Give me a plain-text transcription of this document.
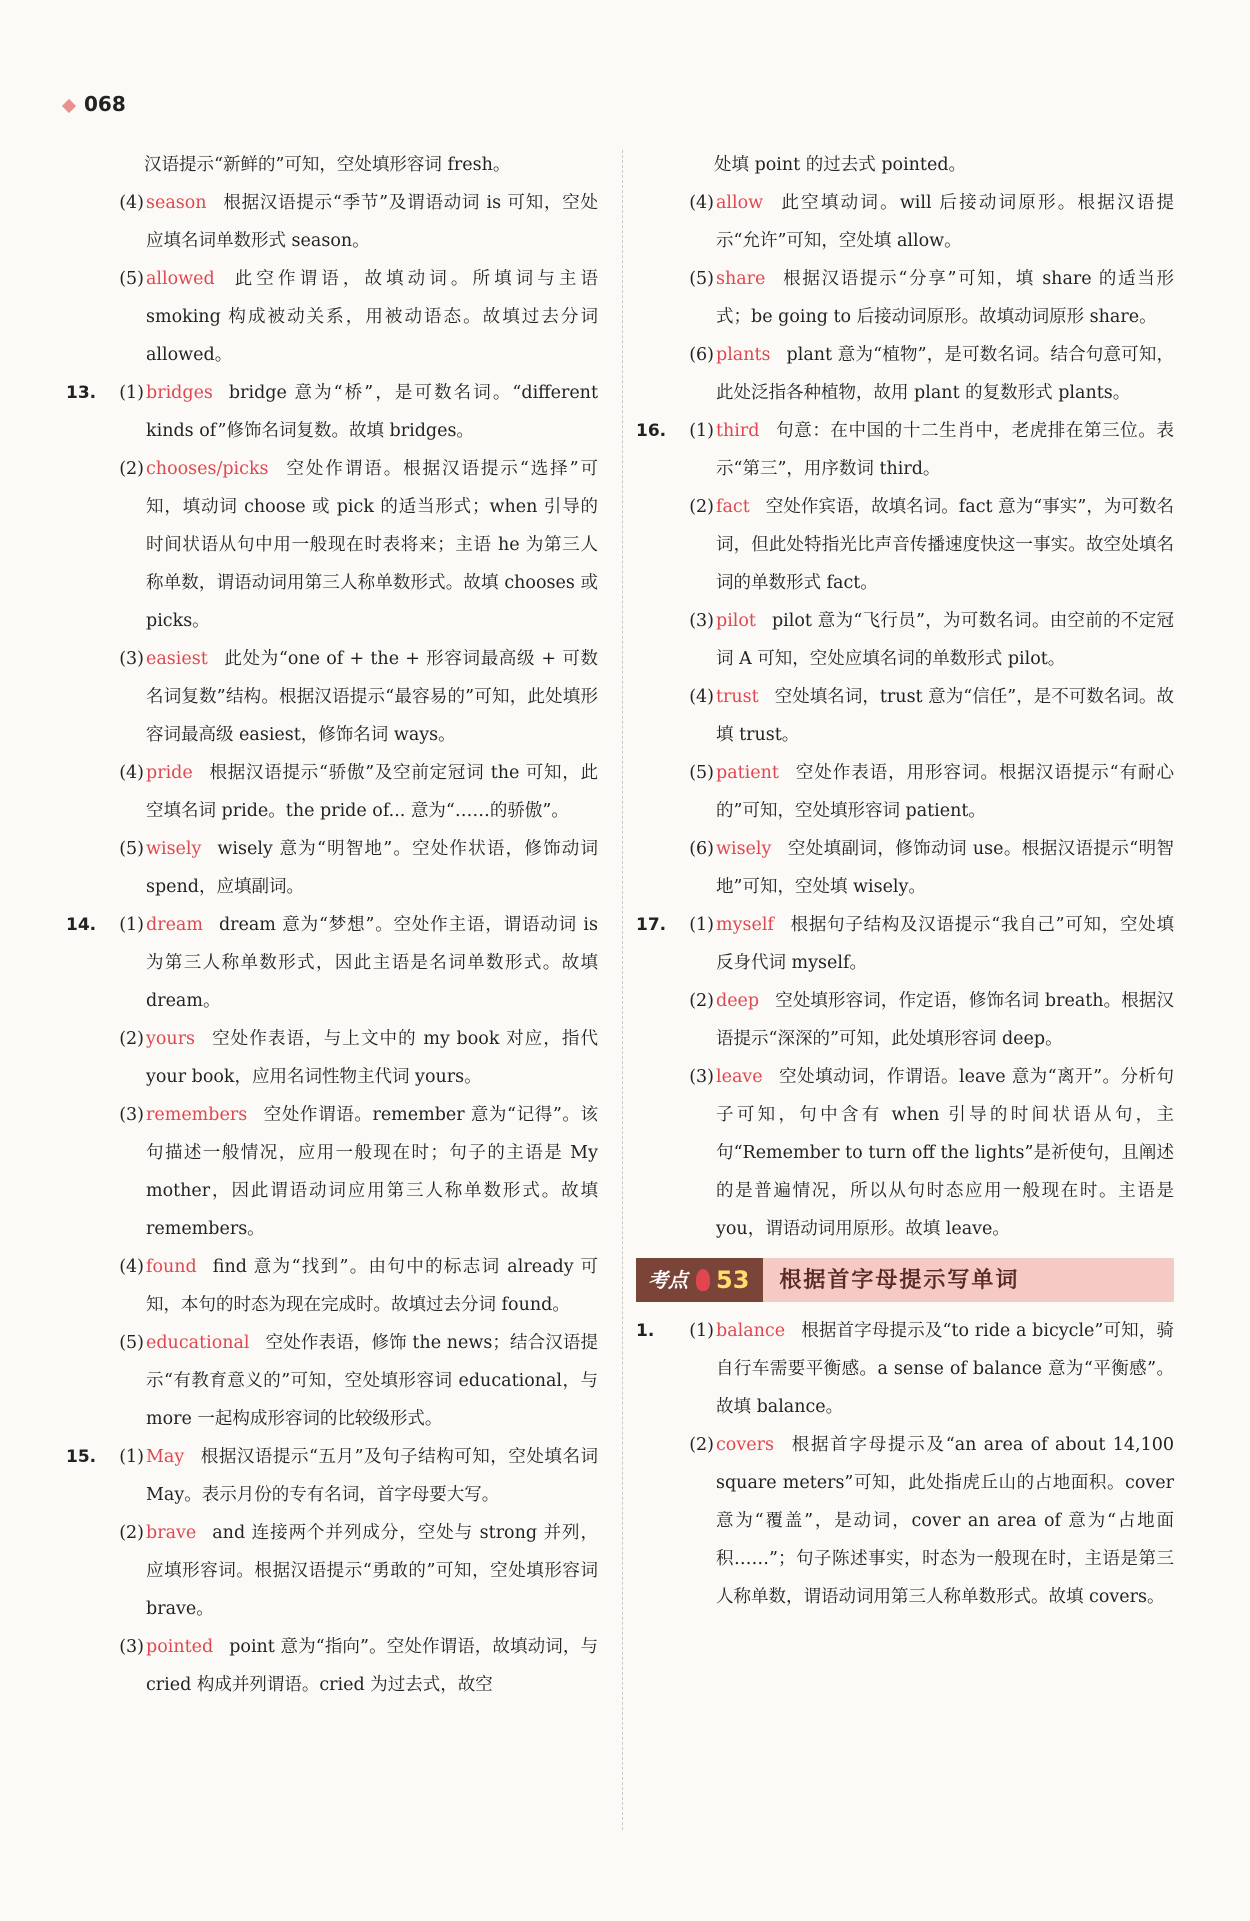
068
汉语提示“新鲜的”可知，空处填形容词 fresh。
(4) season 根据汉语提示“季节”及谓语动词 is 可知，空处应填名词单数形式 season。
(5) allowed 此空作谓语，故填动词。所填词与主语 smoking 构成被动关系，用被动语态。故填过去分词 allowed。
13.	(1) bridges bridge 意为“桥”，是可数名词。“different kinds of”修饰名词复数。故填 bridges。
(2) chooses/picks 空处作谓语。根据汉语提示“选择”可知，填动词 choose 或 pick 的适当形式；when 引导的时间状语从句中用一般现在时表将来；主语 he 为第三人称单数，谓语动词用第三人称单数形式。故填 chooses 或 picks。
(3) easiest 此处为“one of + the + 形容词最高级 + 可数名词复数”结构。根据汉语提示“最容易的”可知，此处填形容词最高级 easiest，修饰名词 ways。
(4) pride 根据汉语提示“骄傲”及空前定冠词 the 可知，此空填名词 pride。the pride of... 意为“……的骄傲”。
(5) wisely wisely 意为“明智地”。空处作状语，修饰动词 spend，应填副词。
14.	(1) dream dream 意为“梦想”。空处作主语，谓语动词 is 为第三人称单数形式，因此主语是名词单数形式。故填 dream。
(2) yours 空处作表语，与上文中的 my book 对应，指代 your book，应用名词性物主代词 yours。
(3) remembers 空处作谓语。remember 意为“记得”。该句描述一般情况，应用一般现在时；句子的主语是 My mother，因此谓语动词应用第三人称单数形式。故填 remembers。
(4) found find 意为“找到”。由句中的标志词 already 可知，本句的时态为现在完成时。故填过去分词 found。
(5) educational 空处作表语，修饰 the news；结合汉语提示“有教育意义的”可知，空处填形容词 educational，与 more 一起构成形容词的比较级形式。
15.	(1) May 根据汉语提示“五月”及句子结构可知，空处填名词 May。表示月份的专有名词，首字母要大写。
(2) brave and 连接两个并列成分，空处与 strong 并列，应填形容词。根据汉语提示“勇敢的”可知，空处填形容词 brave。
(3) pointed point 意为“指向”。空处作谓语，故填动词，与 cried 构成并列谓语。cried 为过去式，故空
处填 point 的过去式 pointed。
(4) allow 此空填动词。will 后接动词原形。根据汉语提示“允许”可知，空处填 allow。
(5) share 根据汉语提示“分享”可知，填 share 的适当形式；be going to 后接动词原形。故填动词原形 share。
(6) plants plant 意为“植物”，是可数名词。结合句意可知，此处泛指各种植物，故用 plant 的复数形式 plants。
16.	(1) third 句意：在中国的十二生肖中，老虎排在第三位。表示“第三”，用序数词 third。
(2) fact 空处作宾语，故填名词。fact 意为“事实”，为可数名词，但此处特指光比声音传播速度快这一事实。故空处填名词的单数形式 fact。
(3) pilot pilot 意为“飞行员”，为可数名词。由空前的不定冠词 A 可知，空处应填名词的单数形式 pilot。
(4) trust 空处填名词，trust 意为“信任”，是不可数名词。故填 trust。
(5) patient 空处作表语，用形容词。根据汉语提示“有耐心的”可知，空处填形容词 patient。
(6) wisely 空处填副词，修饰动词 use。根据汉语提示“明智地”可知，空处填 wisely。
17.	(1) myself 根据句子结构及汉语提示“我自己”可知，空处填反身代词 myself。
(2) deep 空处填形容词，作定语，修饰名词 breath。根据汉语提示“深深的”可知，此处填形容词 deep。
(3) leave 空处填动词，作谓语。leave 意为“离开”。分析句子可知，句中含有 when 引导的时间状语从句，主句“Remember to turn off the lights”是祈使句，且阐述的是普遍情况，所以从句时态应用一般现在时。主语是 you，谓语动词用原形。故填 leave。
考点	53	根据首字母提示写单词
1.	(1) balance 根据首字母提示及“to ride a bicycle”可知，骑自行车需要平衡感。a sense of balance 意为“平衡感”。故填 balance。
(2) covers 根据首字母提示及“an area of about 14,100 square meters”可知，此处指虎丘山的占地面积。cover 意为“覆盖”，是动词，cover an area of 意为“占地面积……”；句子陈述事实，时态为一般现在时，主语是第三人称单数，谓语动词用第三人称单数形式。故填 covers。
